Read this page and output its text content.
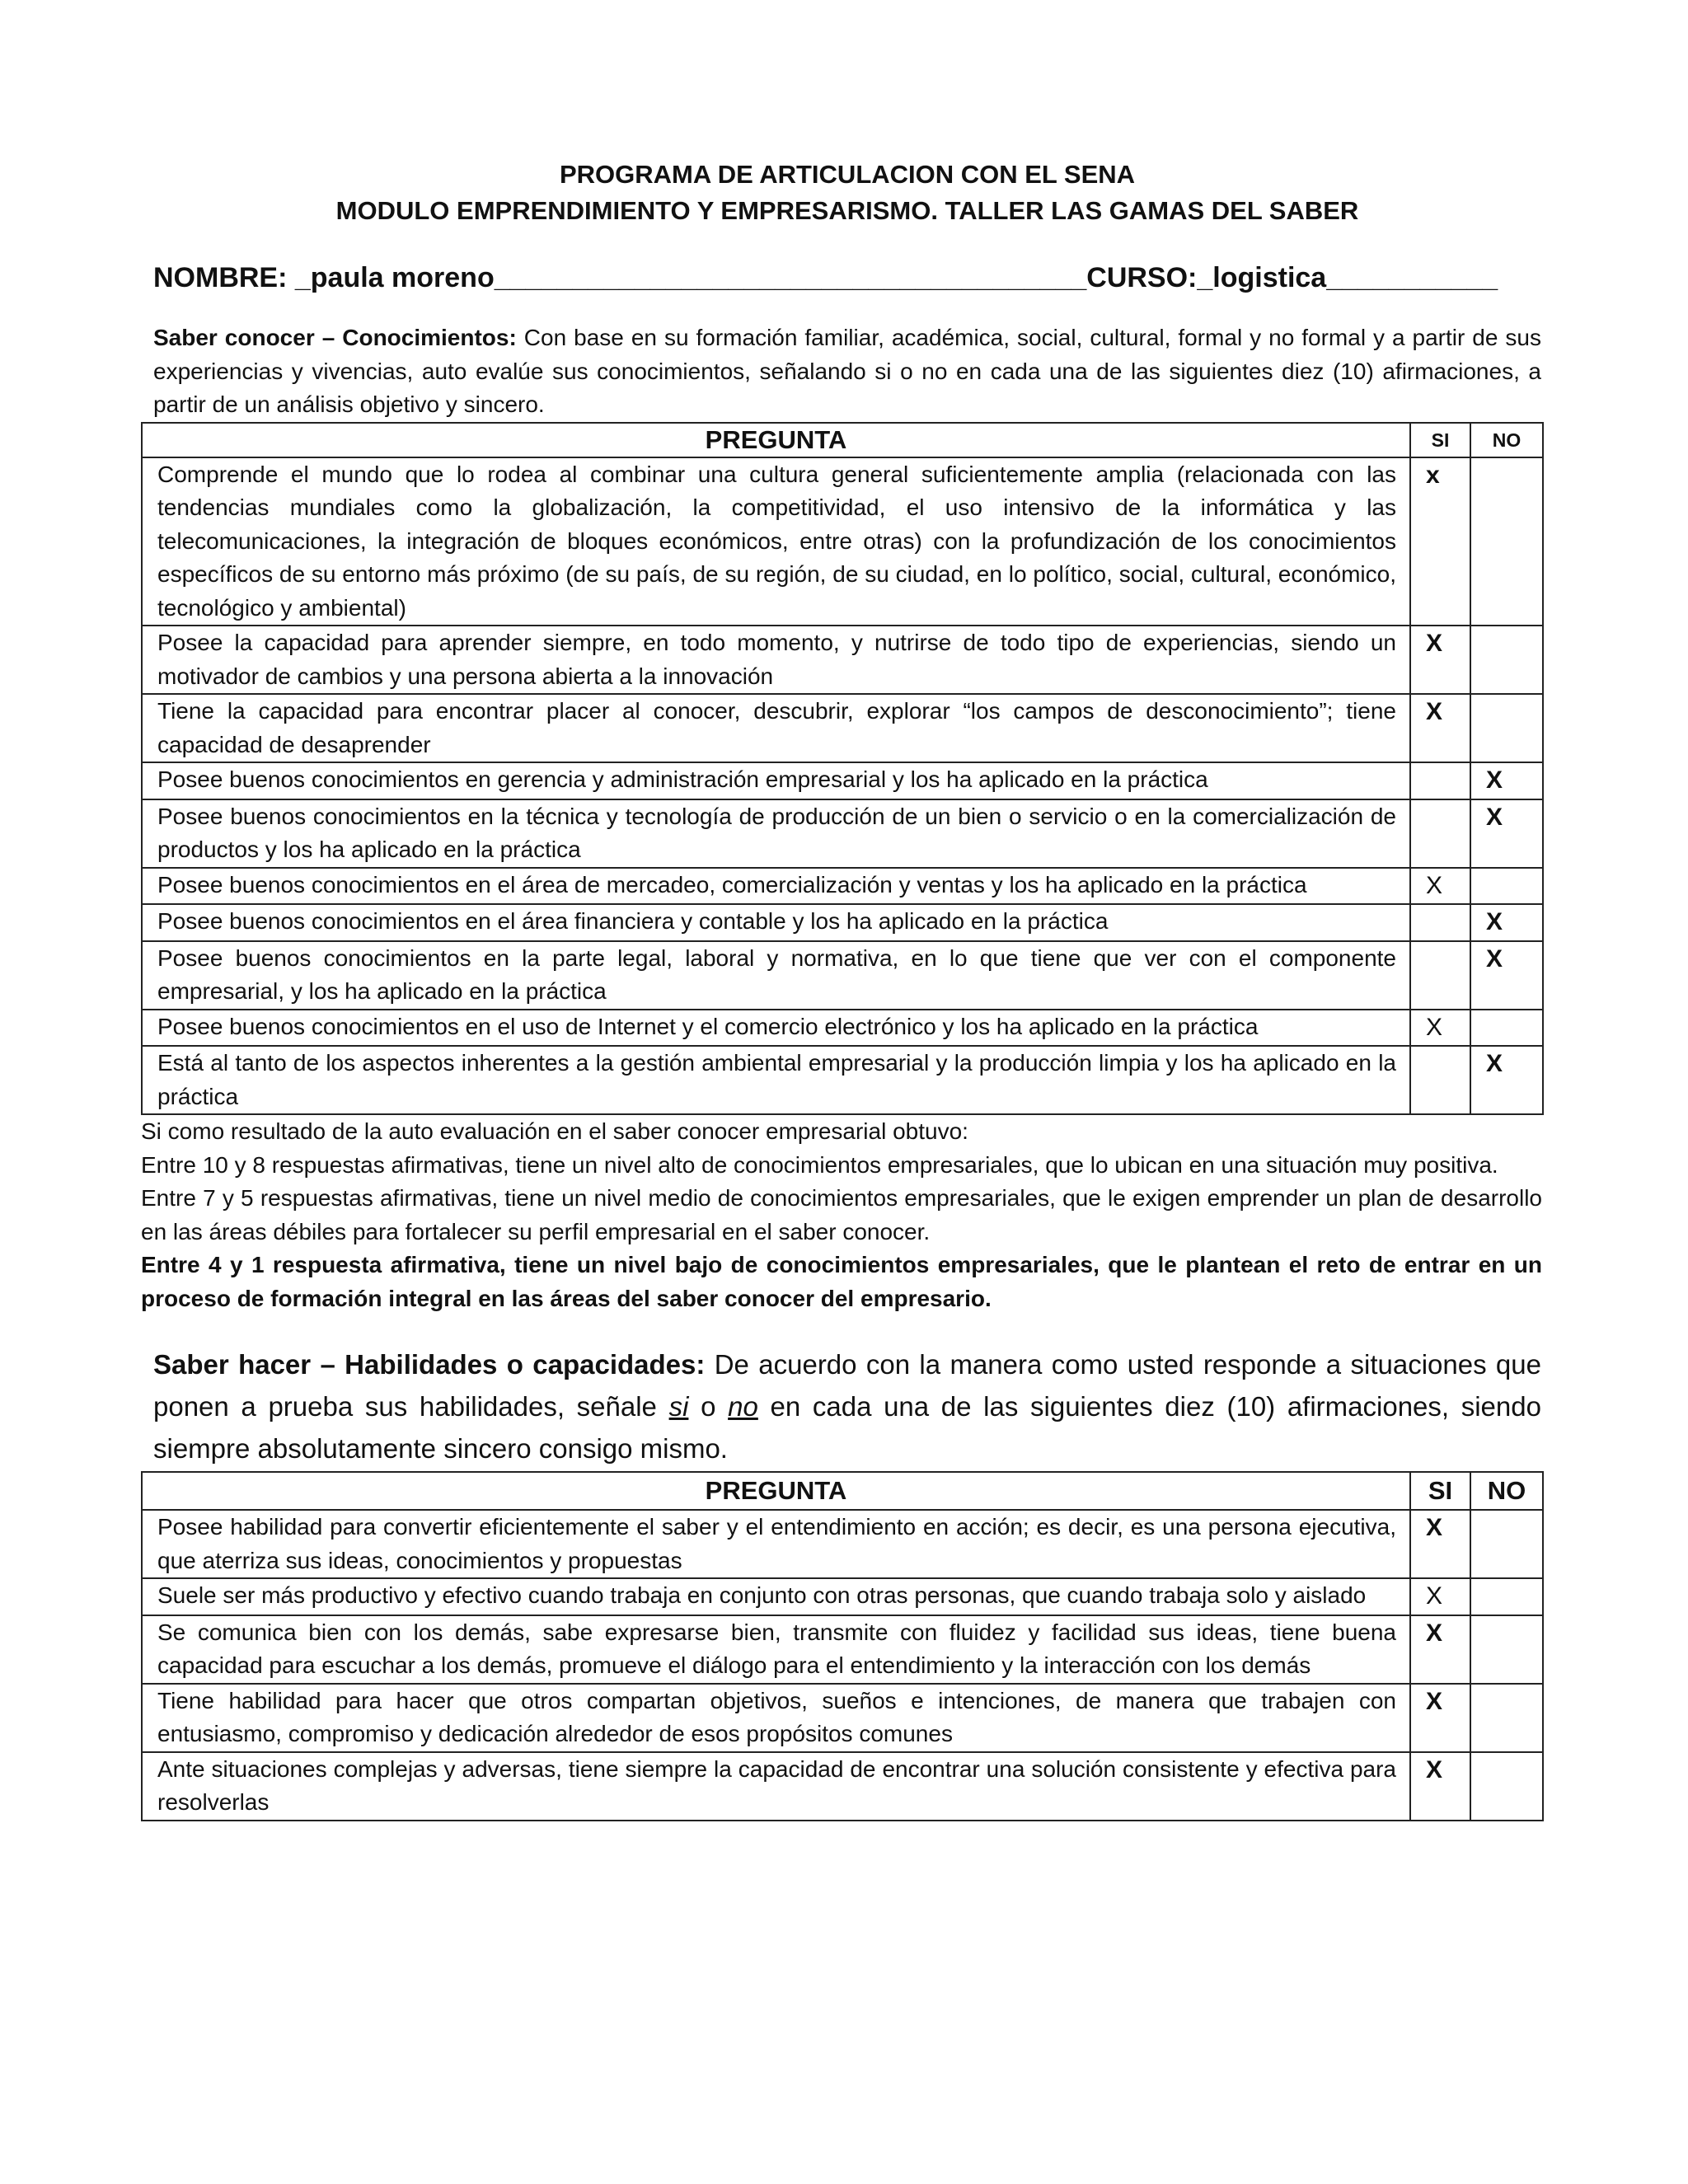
PROGRAMA DE ARTICULACION CON EL SENA
MODULO EMPRENDIMIENTO Y EMPRESARISMO. TALLER LAS GAMAS DEL SABER
NOMBRE: _paula moreno______________________________________CURSO:_logistica___________
Saber conocer – Conocimientos: Con base en su formación familiar, académica, social, cultural, formal y no formal y a partir de sus experiencias y vivencias, auto evalúe sus conocimientos, señalando si o no en cada una de las siguientes diez (10) afirmaciones, a partir de un análisis objetivo y sincero.
PREGUNTA	SI	NO
Comprende el mundo que lo rodea al combinar una cultura general suficientemente amplia (relacionada con las tendencias mundiales como la globalización, la competitividad, el uso intensivo de la informática y las telecomunicaciones, la integración de bloques económicos, entre otras) con la profundización de los conocimientos específicos de su entorno más próximo (de su país, de su región, de su ciudad, en lo político, social, cultural, económico, tecnológico y ambiental)	x	
Posee la capacidad para aprender siempre, en todo momento, y nutrirse de todo tipo de experiencias, siendo un motivador de cambios y una persona abierta a la innovación	X	
Tiene la capacidad para encontrar placer al conocer, descubrir, explorar “los campos de desconocimiento”; tiene capacidad de desaprender	X	
Posee buenos conocimientos en gerencia y administración empresarial y los ha aplicado en la práctica		X
Posee buenos conocimientos en la técnica y tecnología de producción de un bien o servicio o en la comercialización de productos y los ha aplicado en la práctica		X
Posee buenos conocimientos en el área de mercadeo, comercialización y ventas y los ha aplicado en la práctica	X	
Posee buenos conocimientos en el área financiera y contable y los ha aplicado en la práctica		X
Posee buenos conocimientos en la parte legal, laboral y normativa, en lo que tiene que ver con el componente empresarial, y los ha aplicado en la práctica		X
Posee buenos conocimientos en el uso de Internet y el comercio electrónico y los ha aplicado en la práctica	X	
Está al tanto de los aspectos inherentes a la gestión ambiental empresarial y la producción limpia y los ha aplicado en la práctica		X
Si como resultado de la auto evaluación en el saber conocer empresarial obtuvo:
Entre 10 y 8 respuestas afirmativas, tiene un nivel alto de conocimientos empresariales, que lo ubican en una situación muy positiva.
Entre 7 y 5 respuestas afirmativas, tiene un nivel medio de conocimientos empresariales, que le exigen emprender un plan de desarrollo en las áreas débiles para fortalecer su perfil empresarial en el saber conocer.
Entre 4 y 1 respuesta afirmativa, tiene un nivel bajo de conocimientos empresariales, que le plantean el reto de entrar en un proceso de formación integral en las áreas del saber conocer del empresario.
Saber hacer – Habilidades o capacidades: De acuerdo con la manera como usted responde a situaciones que ponen a prueba sus habilidades, señale si o no en cada una de las siguientes diez (10) afirmaciones, siendo siempre absolutamente sincero consigo mismo.
PREGUNTA	SI	NO
Posee habilidad para convertir eficientemente el saber y el entendimiento en acción; es decir, es una persona ejecutiva, que aterriza sus ideas, conocimientos y propuestas	X	
Suele ser más productivo y efectivo cuando trabaja en conjunto con otras personas, que cuando trabaja solo y aislado	X	
Se comunica bien con los demás, sabe expresarse bien, transmite con fluidez y facilidad sus ideas, tiene buena capacidad para escuchar a los demás, promueve el diálogo para el entendimiento y la interacción con los demás	X	
Tiene habilidad para hacer que otros compartan objetivos, sueños e intenciones, de manera que trabajen con entusiasmo, compromiso y dedicación alrededor de esos propósitos comunes	X	
Ante situaciones complejas y adversas, tiene siempre la capacidad de encontrar una solución consistente y efectiva para resolverlas	X	
